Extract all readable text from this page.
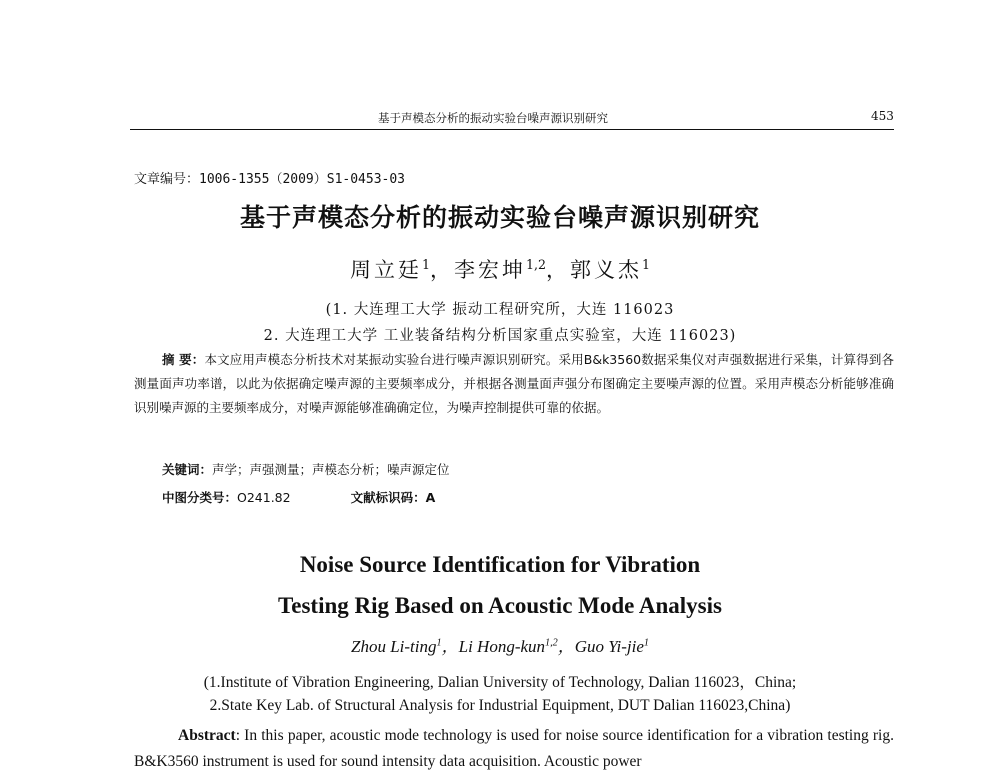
基于声模态分析的振动实验台噪声源识别研究	453
文章编号：1006-1355（2009）S1-0453-03
基于声模态分析的振动实验台噪声源识别研究
周立廷$^1$，李宏坤$^{1,2}$，郭义杰$^1$
(1. 大连理工大学 振动工程研究所，大连 116023
2. 大连理工大学 工业装备结构分析国家重点实验室，大连 116023)
摘 要：本文应用声模态分析技术对某振动实验台进行噪声源识别研究。采用B&k3560数据采集仪对声强数据进行采集，计算得到各测量面声功率谱，以此为依据确定噪声源的主要频率成分，并根据各测量面声强分布图确定主要噪声源的位置。采用声模态分析能够准确识别噪声源的主要频率成分，对噪声源能够准确确定位，为噪声控制提供可靠的依据。
关键词：声学；声强测量；声模态分析；噪声源定位
中图分类号：O241.82	文献标识码：A
Noise Source Identification for Vibration
Testing Rig Based on Acoustic Mode Analysis
Zhou Li-ting$^1$，Li Hong-kun$^{1,2}$，Guo Yi-jie$^1$
(1.Institute of Vibration Engineering, Dalian University of Technology, Dalian 116023，China;
2.State Key Lab. of Structural Analysis for Industrial Equipment, DUT Dalian 116023,China)
Abstract: In this paper, acoustic mode technology is used for noise source identification for a vibration testing rig. B&K3560 instrument is used for sound intensity data acquisition. Acoustic power
